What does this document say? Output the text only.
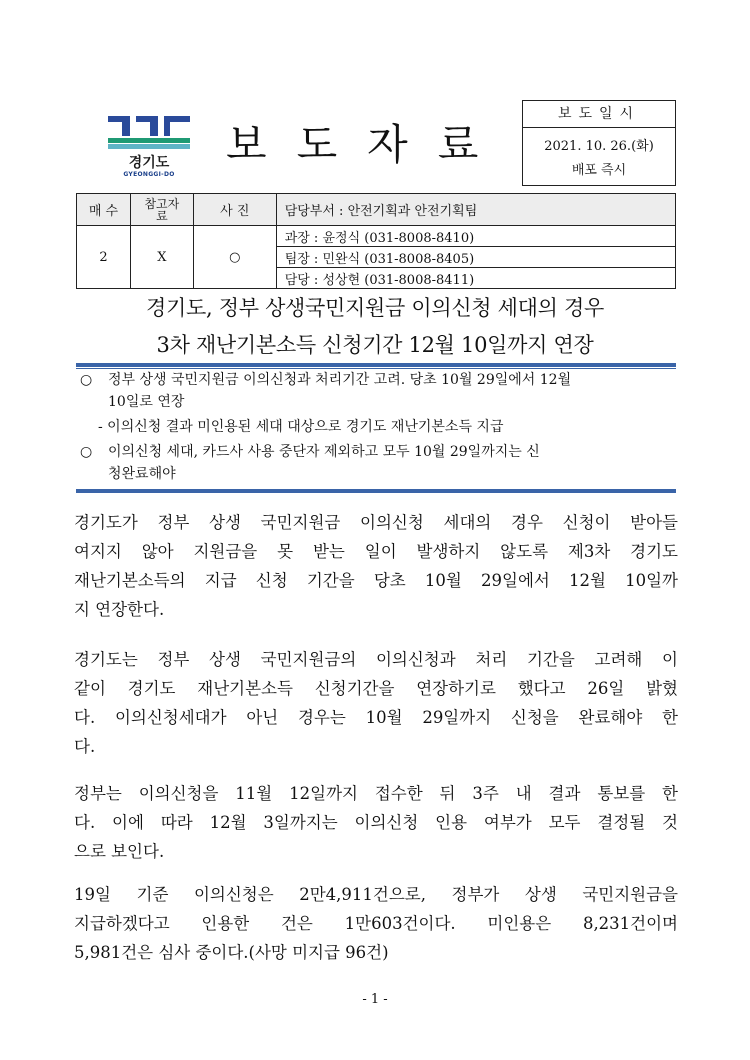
경기도
GYEONGGI-DO
보도자료
보도일시
2021. 10. 26.(화)
배포 즉시
매 수	참고자료	사 진	담당부서 : 안전기획과 안전기획팀
2	X	○	과장 : 윤정식 (031-8008-8410)
			팀장 : 민완식 (031-8008-8405)
			담당 : 성상현 (031-8008-8411)
경기도, 정부 상생국민지원금 이의신청 세대의 경우
3차 재난기본소득 신청기간 12월 10일까지 연장
○ 정부 상생 국민지원금 이의신청과 처리기간 고려. 당초 10월 29일에서 12월
10일로 연장
- 이의신청 결과 미인용된 세대 대상으로 경기도 재난기본소득 지급
○ 이의신청 세대, 카드사 사용 중단자 제외하고 모두 10월 29일까지는 신
청완료해야
경기도가 정부 상생 국민지원금 이의신청 세대의 경우 신청이 받아들
여지지 않아 지원금을 못 받는 일이 발생하지 않도록 제3차 경기도
재난기본소득의 지급 신청 기간을 당초 10월 29일에서 12월 10일까
지 연장한다.
경기도는 정부 상생 국민지원금의 이의신청과 처리 기간을 고려해 이
같이 경기도 재난기본소득 신청기간을 연장하기로 했다고 26일 밝혔
다. 이의신청세대가 아닌 경우는 10월 29일까지 신청을 완료해야 한
다.
정부는 이의신청을 11월 12일까지 접수한 뒤 3주 내 결과 통보를 한
다. 이에 따라 12월 3일까지는 이의신청 인용 여부가 모두 결정될 것
으로 보인다.
19일 기준 이의신청은 2만4,911건으로, 정부가 상생 국민지원금을
지급하겠다고 인용한 건은 1만603건이다. 미인용은 8,231건이며
5,981건은 심사 중이다.(사망 미지급 96건)
- 1 -
